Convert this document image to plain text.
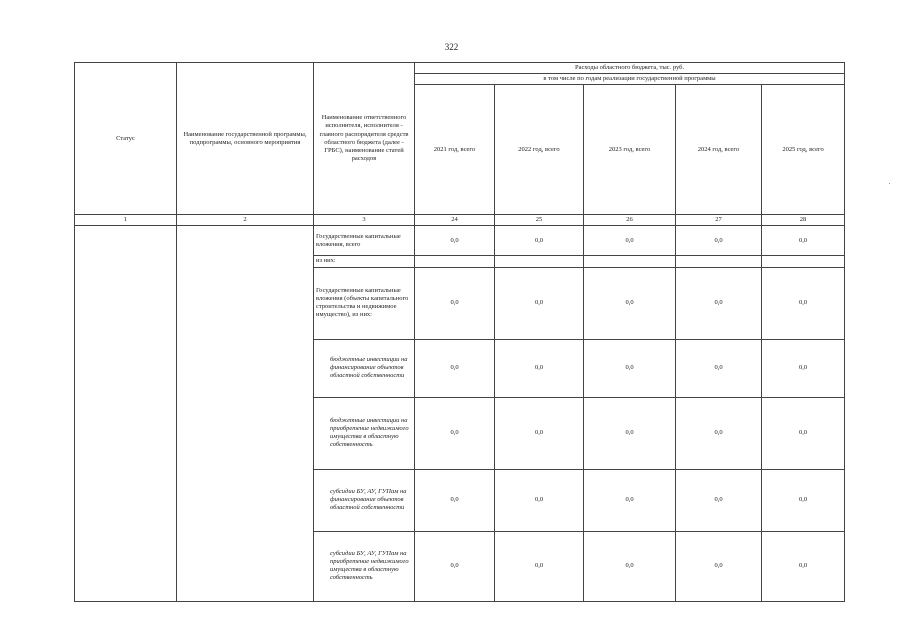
322
Статус	Наименование государственной программы, подпрограммы, основного мероприятия	Наименование ответственного исполнителя, исполнителя - главного распорядителя средств областного бюджета (далее - ГРБС), наименование статей расходов	Расходы областного бюджета, тыс. руб.				
			в том числе по годам реализации государственной программы				
			2021 год, всего	2022 год, всего	2023 год, всего	2024 год, всего	2025 год, всего
1	2	3	24	25	26	27	28
		Государственные капитальные вложения, всего	0,0	0,0	0,0	0,0	0,0
		из них:					
		Государственные капитальные вложения (объекты капитального строительства и недвижимое имущество), из них:	0,0	0,0	0,0	0,0	0,0
		бюджетные инвестиции на финансирование объектов областной собственности	0,0	0,0	0,0	0,0	0,0
		бюджетные инвестиции на приобретение недвижимого имущества в областную собственность	0,0	0,0	0,0	0,0	0,0
		субсидии БУ, АУ, ГУПам на финансирование объектов областной собственности	0,0	0,0	0,0	0,0	0,0
		субсидии БУ, АУ, ГУПам на приобретение недвижимого имущества в областную собственность	0,0	0,0	0,0	0,0	0,0
